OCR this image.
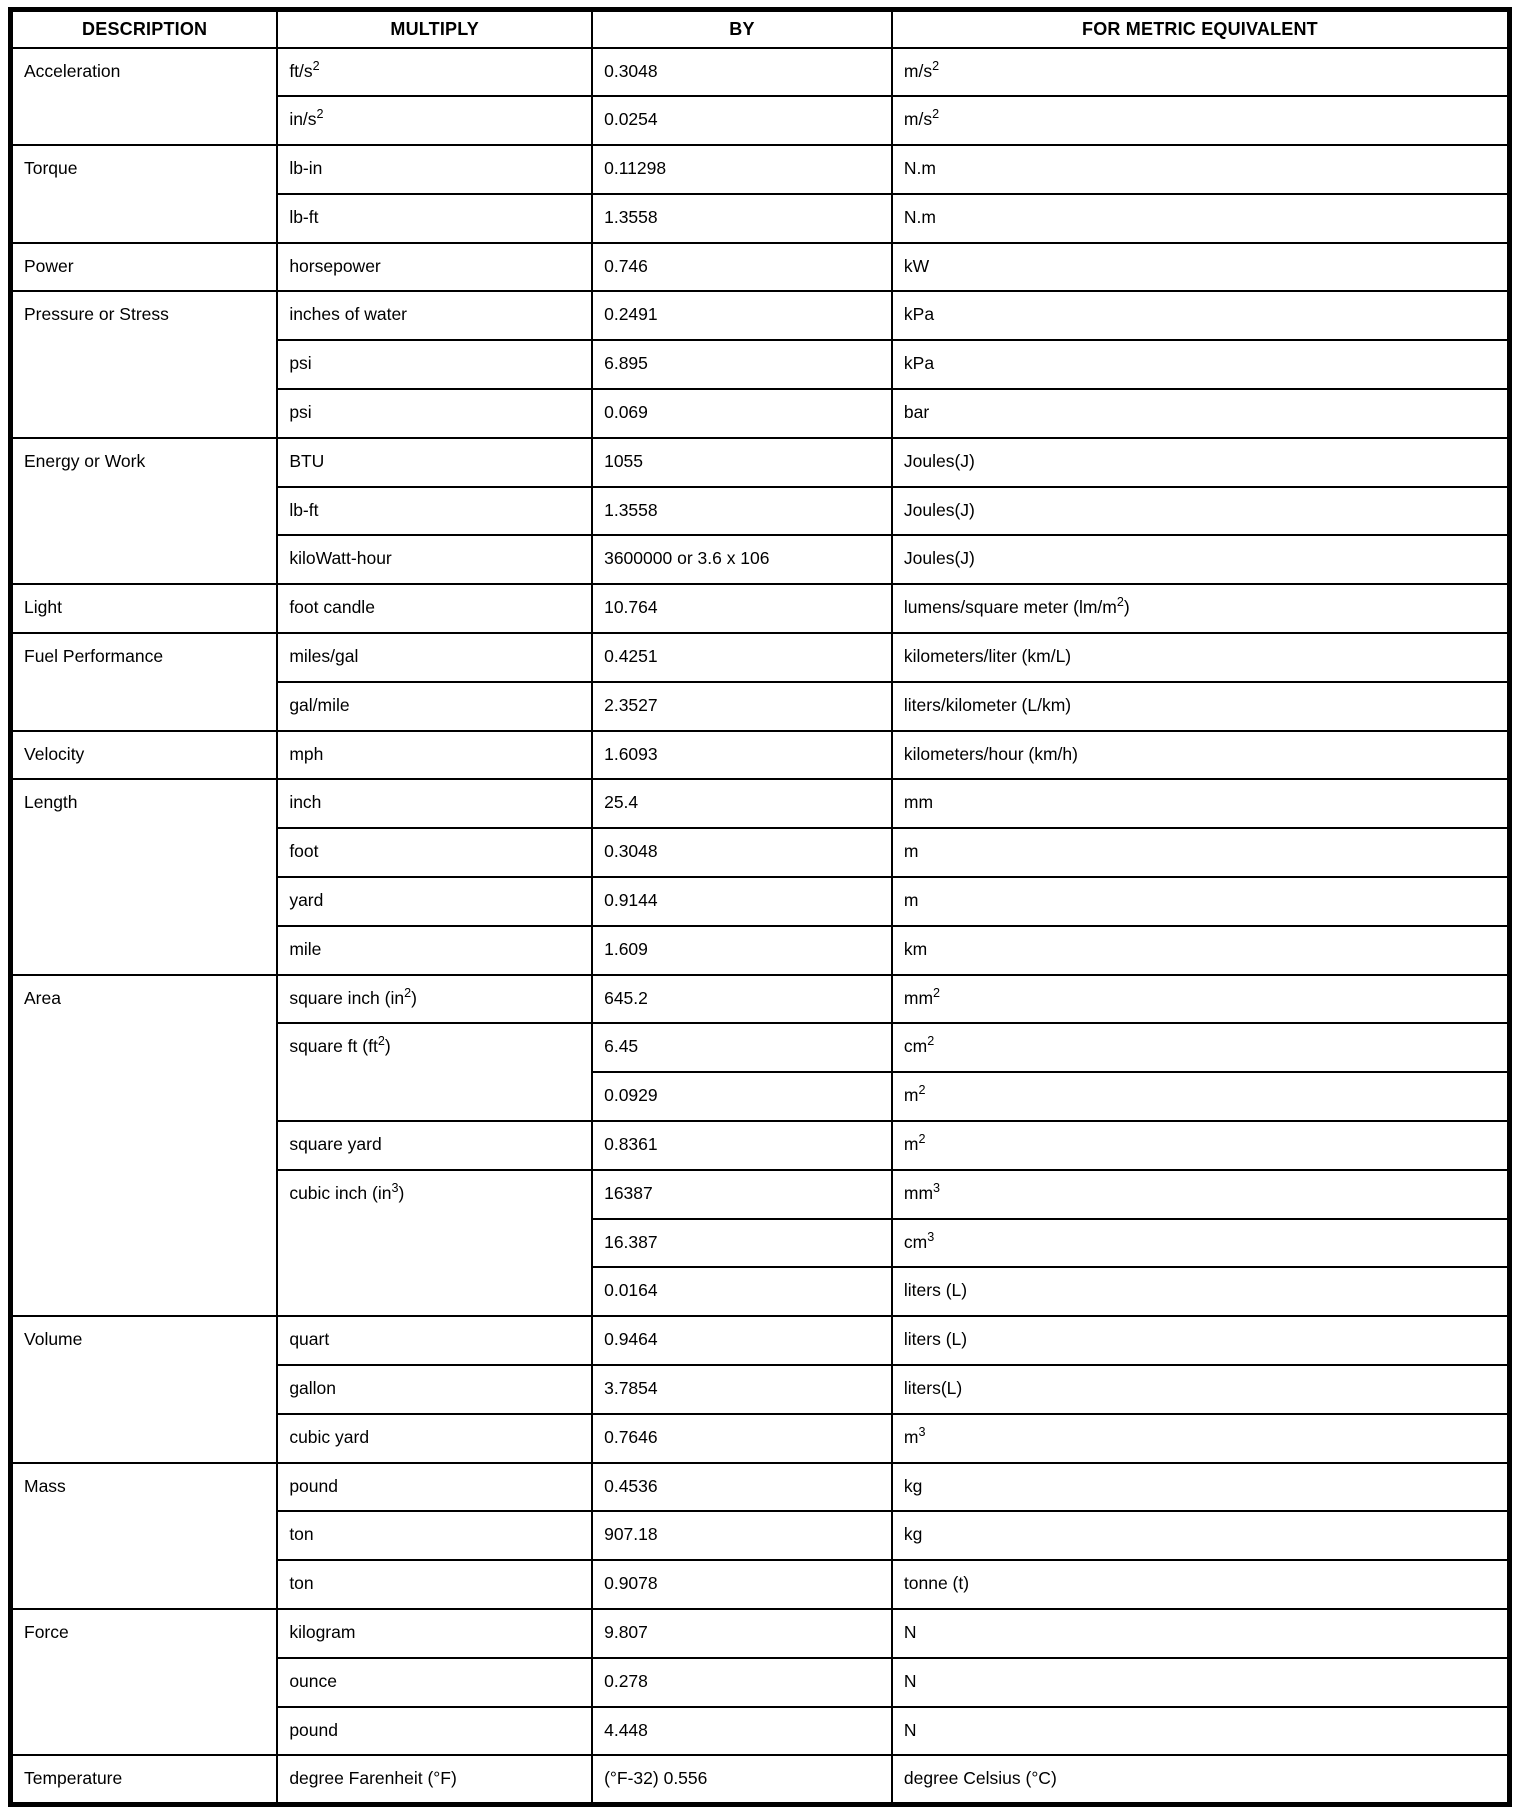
DESCRIPTION	MULTIPLY	BY	FOR METRIC EQUIVALENT
Acceleration	$ft/s^2$	0.3048	$m/s^2$
	$in/s^2$	0.0254	$m/s^2$
Torque	lb-in	0.11298	N.m
	lb-ft	1.3558	N.m
Power	horsepower	0.746	kW
Pressure or Stress	inches of water	0.2491	kPa
	psi	6.895	kPa
	psi	0.069	bar
Energy or Work	BTU	1055	Joules(J)
	lb-ft	1.3558	Joules(J)
	kiloWatt-hour	3600000 or 3.6 x 106	Joules(J)
Light	foot candle	10.764	lumens/square meter $(lm/m^2)$
Fuel Performance	miles/gal	0.4251	kilometers/liter (km/L)
	gal/mile	2.3527	liters/kilometer (L/km)
Velocity	mph	1.6093	kilometers/hour (km/h)
Length	inch	25.4	mm
	foot	0.3048	m
	yard	0.9144	m
	mile	1.609	km
Area	square inch $(in^2)$	645.2	$mm^2$
	square ft $(ft^2)$	6.45	$cm^2$
		0.0929	$m^2$
	square yard	0.8361	$m^2$
	cubic inch $(in^3)$	16387	$mm^3$
		16.387	$cm^3$
		0.0164	liters (L)
Volume	quart	0.9464	liters (L)
	gallon	3.7854	liters(L)
	cubic yard	0.7646	$m^3$
Mass	pound	0.4536	kg
	ton	907.18	kg
	ton	0.9078	tonne (t)
Force	kilogram	9.807	N
	ounce	0.278	N
	pound	4.448	N
Temperature	degree Farenheit (°F)	(°F-32) 0.556	degree Celsius (°C)
